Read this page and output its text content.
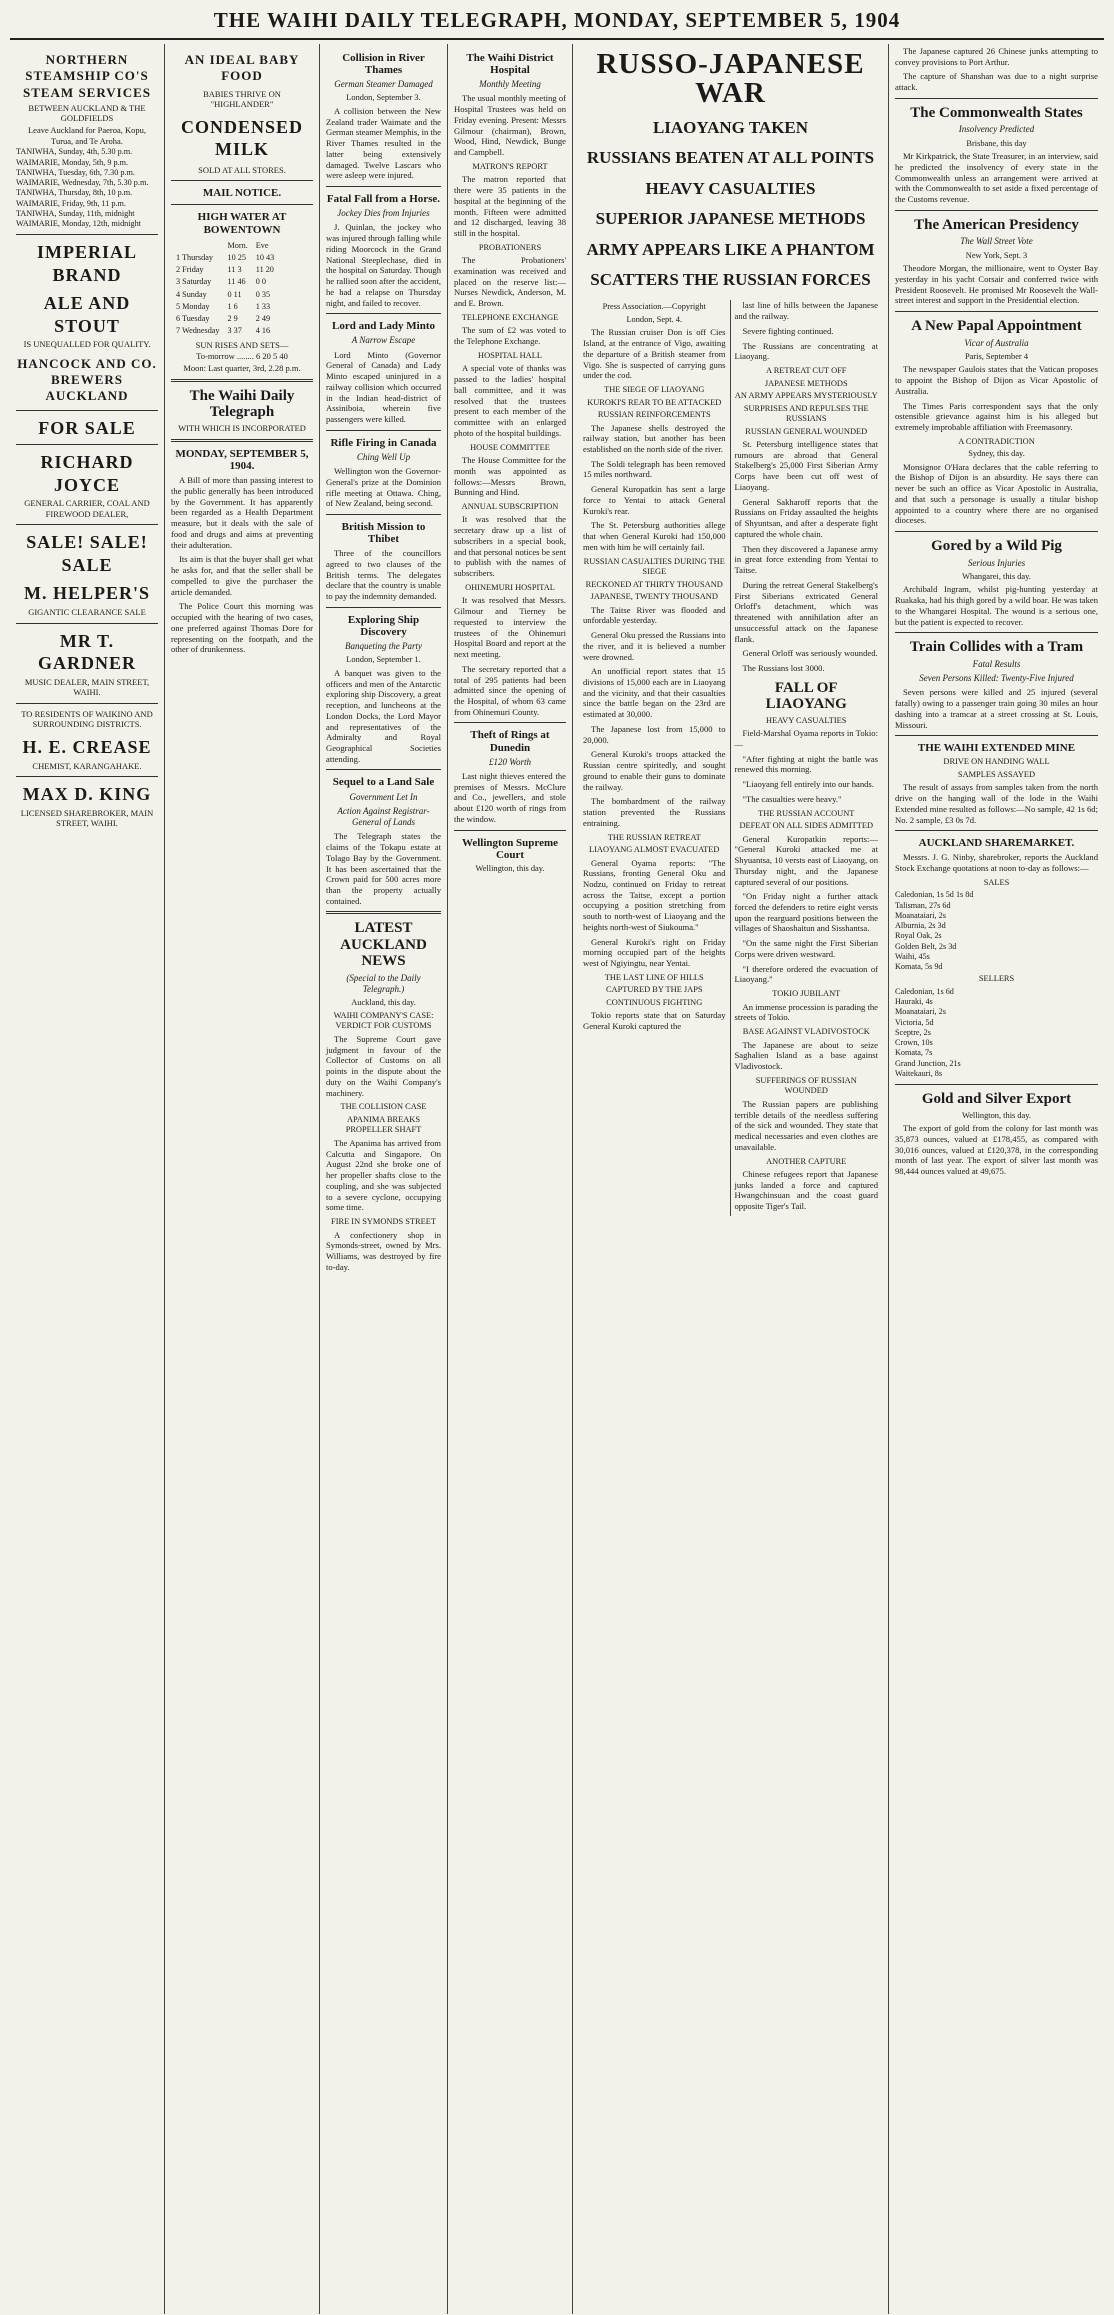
THE WAIHI DAILY TELEGRAPH, MONDAY, SEPTEMBER 5, 1904
NORTHERN STEAMSHIP CO'S STEAM SERVICES
BETWEEN AUCKLAND & THE GOLDFIELDS
Leave Auckland for Paeroa, Kopu, Turua, and Te Aroha.
TANIWHA, Sunday, 4th, 5.30 p.m.
WAIMARIE, Monday, 5th, 9 p.m.
TANIWHA, Tuesday, 6th, 7.30 p.m.
WAIMARIE, Wednesday, 7th, 5.30 p.m.
TANIWHA, Thursday, 8th, 10 p.m.
WAIMARIE, Friday, 9th, 11 p.m.
TANIWHA, Sunday, 11th, midnight
WAIMARIE, Monday, 12th, midnight
IMPERIAL BRAND
ALE AND STOUT
IS UNEQUALLED FOR QUALITY.
HANCOCK AND CO. BREWERS AUCKLAND
FOR SALE
RICHARD JOYCE
GENERAL CARRIER, COAL AND FIREWOOD DEALER,
SALE! SALE! SALE
M. HELPER'S
GIGANTIC CLEARANCE SALE

MR T. GARDNER
MUSIC DEALER, MAIN STREET, WAIHI.
TO RESIDENTS OF WAIKINO AND SURROUNDING DISTRICTS.
H. E. CREASE
CHEMIST, KARANGAHAKE.

MAX D. KING
LICENSED SHAREBROKER, MAIN STREET, WAIHI.

AN IDEAL BABY FOOD

BABIES THRIVE ON "HIGHLANDER"
CONDENSED MILK

SOLD AT ALL STORES.
MAIL NOTICE.

HIGH WATER AT BOWENTOWN
	Morn.	Eve
1 Thursday	10 25	10 43
2 Friday	11 3	11 20
3 Saturday	11 46	0 0
4 Sunday	0 11	0 35
5 Monday	1 6	1 33
6 Tuesday	2 9	2 49
7 Wednesday	3 37	4 16
SUN RISES AND SETS—
To-morrow ........ 6 20 5 40
Moon: Last quarter, 3rd, 2.28 p.m.
The Waihi Daily Telegraph
WITH WHICH IS INCORPORATED
MONDAY, SEPTEMBER 5, 1904.

A Bill of more than passing interest to the public generally has been introduced by the Government. It has apparently been regarded as a Health Department measure, but it deals with the sale of food and drugs and aims at preventing their adulteration.

Its aim is that the buyer shall get what he asks for, and that the seller shall be compelled to give the purchaser the article demanded.

The Police Court this morning was occupied with the hearing of two cases, one preferred against Thomas Dore for representing on the footpath, and the other of drunkenness.

Collision in River Thames
German Steamer Damaged
London, September 3.

A collision between the New Zealand trader Waimate and the German steamer Memphis, in the River Thames resulted in the latter being extensively damaged. Twelve Lascars who were asleep were injured.

Fatal Fall from a Horse.
Jockey Dies from Injuries

J. Quinlan, the jockey who was injured through falling while riding Moorcock in the Grand National Steeplechase, died in the hospital on Saturday. Though he rallied soon after the accident, he had a relapse on Thursday night, and failed to recover.

Lord and Lady Minto
A Narrow Escape

Lord Minto (Governor General of Canada) and Lady Minto escaped uninjured in a railway collision which occurred in the Indian head-district of Assiniboia, wherein five passengers were killed.

Rifle Firing in Canada
Ching Well Up

Wellington won the Governor-General's prize at the Dominion rifle meeting at Ottawa. Ching, of New Zealand, being second.

British Mission to Thibet

Three of the councillors agreed to two clauses of the British terms. The delegates declare that the country is unable to pay the indemnity demanded.

Exploring Ship Discovery
Banqueting the Party
London, September 1.

A banquet was given to the officers and men of the Antarctic exploring ship Discovery, a great reception, and luncheons at the London Docks, the Lord Mayor and representatives of the Admiralty and Royal Geographical Societies attending.

Sequel to a Land Sale
Government Let In
Action Against Registrar-General of Lands

The Telegraph states the claims of the Tokapu estate at Tolago Bay by the Government. It has been ascertained that the Crown paid for 500 acres more than the property actually contained.

LATEST AUCKLAND NEWS
(Special to the Daily Telegraph.)
Auckland, this day.
WAIHI COMPANY'S CASE: VERDICT FOR CUSTOMS

The Supreme Court gave judgment in favour of the Collector of Customs on all points in the dispute about the duty on the Waihi Company's machinery.

THE COLLISION CASE
APANIMA BREAKS PROPELLER SHAFT

The Apanima has arrived from Calcutta and Singapore. On August 22nd she broke one of her propeller shafts close to the coupling, and she was subjected to a severe cyclone, occupying some time.

FIRE IN SYMONDS STREET

A confectionery shop in Symonds-street, owned by Mrs. Williams, was destroyed by fire to-day.

The Waihi District Hospital
Monthly Meeting

The usual monthly meeting of Hospital Trustees was held on Friday evening. Present: Messrs Gilmour (chairman), Brown, Wood, Hind, Newdick, Bunge and Campbell.

MATRON'S REPORT

The matron reported that there were 35 patients in the hospital at the beginning of the month. Fifteen were admitted and 12 discharged, leaving 38 still in the hospital.

PROBATIONERS

The Probationers' examination was received and placed on the reserve list:—Nurses Newdick, Anderson, M. and E. Brown.

TELEPHONE EXCHANGE

The sum of £2 was voted to the Telephone Exchange.

HOSPITAL HALL

A special vote of thanks was passed to the ladies' hospital ball committee, and it was resolved that the trustees present to each member of the committee with an enlarged photo of the hospital buildings.

HOUSE COMMITTEE

The House Committee for the month was appointed as follows:—Messrs Brown, Bunning and Hind.

ANNUAL SUBSCRIPTION

It was resolved that the secretary draw up a list of subscribers in a special book, and that personal notices be sent to publish with the names of subscribers.

OHINEMURI HOSPITAL

It was resolved that Messrs. Gilmour and Tierney be requested to interview the trustees of the Ohinemuri Hospital Board and report at the next meeting.

The secretary reported that a total of 295 patients had been admitted since the opening of the Hospital, of whom 63 came from Ohinemuri County.

Theft of Rings at Dunedin
£120 Worth

Last night thieves entered the premises of Messrs. McClure and Co., jewellers, and stole about £120 worth of rings from the window.

Wellington Supreme Court
Wellington, this day.
RUSSO-JAPANESE WAR
LIAOYANG TAKEN
RUSSIANS BEATEN AT ALL POINTS
HEAVY CASUALTIES
SUPERIOR JAPANESE METHODS
ARMY APPEARS LIKE A PHANTOM
SCATTERS THE RUSSIAN FORCES
Press Association.—Copyright
London, Sept. 4.

The Russian cruiser Don is off Cies Island, at the entrance of Vigo, awaiting the departure of a British steamer from Vigo. She is suspected of carrying guns under the cod.

THE SIEGE OF LIAOYANG
KUROKI'S REAR TO BE ATTACKED
RUSSIAN REINFORCEMENTS

The Japanese shells destroyed the railway station, but another has been established on the north side of the river.

The Soldi telegraph has been removed 15 miles northward.

General Kuropatkin has sent a large force to Yentai to attack General Kuroki's rear.

The St. Petersburg authorities allege that when General Kuroki had 150,000 men with him he will certainly fail.

RUSSIAN CASUALTIES DURING THE SIEGE
RECKONED AT THIRTY THOUSAND
JAPANESE, TWENTY THOUSAND

The Taitse River was flooded and unfordable yesterday.

General Oku pressed the Russians into the river, and it is believed a number were drowned.

An unofficial report states that 15 divisions of 15,000 each are in Liaoyang and the vicinity, and that their casualties since the battle began on the 23rd are estimated at 30,000.

The Japanese lost from 15,000 to 20,000.

General Kuroki's troops attacked the Russian centre spiritedly, and sought ground to enable their guns to dominate the railway.

The bombardment of the railway station prevented the Russians entraining.

THE RUSSIAN RETREAT
LIAOYANG ALMOST EVACUATED

General Oyama reports: "The Russians, fronting General Oku and Nodzu, continued on Friday to retreat across the Taitse, except a portion occupying a position stretching from south to north-west of Liaoyang and the heights north-west of Siukouma."

General Kuroki's right on Friday morning occupied part of the heights west of Ngiyingtu, near Yentai.

THE LAST LINE OF HILLS
CAPTURED BY THE JAPS
CONTINUOUS FIGHTING

Tokio reports state that on Saturday General Kuroki captured the

last line of hills between the Japanese and the railway.

Severe fighting continued.

The Russians are concentrating at Liaoyang.

A RETREAT CUT OFF
JAPANESE METHODS
AN ARMY APPEARS MYSTERIOUSLY
SURPRISES AND REPULSES THE RUSSIANS
RUSSIAN GENERAL WOUNDED

St. Petersburg intelligence states that rumours are abroad that General Stakelberg's 25,000 First Siberian Army Corps have been cut off west of Liaoyang.

General Sakharoff reports that the Russians on Friday assaulted the heights of Shyuntsan, and after a desperate fight captured the whole chain.

Then they discovered a Japanese army in great force extending from Yentai to Taitse.

During the retreat General Stakelberg's First Siberians extricated General Orloff's detachment, which was threatened with annihilation after an unsuccessful attack on the Japanese flank.

General Orloff was seriously wounded.

The Russians lost 3000.

FALL OF LIAOYANG
HEAVY CASUALTIES

Field-Marshal Oyama reports in Tokio:—

"After fighting at night the battle was renewed this morning.

"Liaoyang fell entirely into our hands.

"The casualties were heavy."

THE RUSSIAN ACCOUNT
DEFEAT ON ALL SIDES ADMITTED

General Kuropatkin reports:— "General Kuroki attacked me at Shyuantsa, 10 versts east of Liaoyang, on Thursday night, and the Japanese captured several of our positions.

"On Friday night a further attack forced the defenders to retire eight versts upon the rearguard positions between the villages of Shaoshaitun and Sisshantsa.

"On the same night the First Siberian Corps were driven westward.

"I therefore ordered the evacuation of Liaoyang."

TOKIO JUBILANT

An immense procession is parading the streets of Tokio.

BASE AGAINST VLADIVOSTOCK

The Japanese are about to seize Saghalien Island as a base against Vladivostock.

SUFFERINGS OF RUSSIAN WOUNDED

The Russian papers are publishing terrible details of the needless suffering of the sick and wounded. They state that medical necessaries and even clothes are unavailable.

ANOTHER CAPTURE

Chinese refugees report that Japanese junks landed a force and captured Hwangchinsuan and the coast guard opposite Tiger's Tail.

The Japanese captured 26 Chinese junks attempting to convey provisions to Port Arthur.

The capture of Shanshan was due to a night surprise attack.

The Commonwealth States
Insolvency Predicted
Brisbane, this day

Mr Kirkpatrick, the State Treasurer, in an interview, said he predicted the insolvency of every state in the Commonwealth unless an arrangement were arrived at with the Commonwealth to set aside a fixed percentage of the Customs revenue.

The American Presidency
The Wall Street Vote
New York, Sept. 3

Theodore Morgan, the millionaire, went to Oyster Bay yesterday in his yacht Corsair and conferred twice with President Roosevelt. He promised Mr Roosevelt the Wall-street interest and support in the Presidential election.

A New Papal Appointment
Vicar of Australia
Paris, September 4

The newspaper Gaulois states that the Vatican proposes to appoint the Bishop of Dijon as Vicar Apostolic of Australia.

The Times Paris correspondent says that the only ostensible grievance against him is his alleged but extremely improbable affiliation with Freemasonry.

A CONTRADICTION
Sydney, this day.

Monsignor O'Hara declares that the cable referring to the Bishop of Dijon is an absurdity. He says there can never be such an office as Vicar Apostolic in Australia, and that such a personage is usually a titular bishop appointed to a country where there are no organised dioceses.

Gored by a Wild Pig
Serious Injuries
Whangarei, this day.

Archibald Ingram, whilst pig-hunting yesterday at Ruakaka, had his thigh gored by a wild boar. He was taken to the Whangarei Hospital. The wound is a serious one, but the patient is expected to recover.

Train Collides with a Tram
Fatal Results
Seven Persons Killed: Twenty-Five Injured

Seven persons were killed and 25 injured (several fatally) owing to a passenger train going 30 miles an hour dashing into a tramcar at a street crossing at St. Louis, Missouri.

THE WAIHI EXTENDED MINE
DRIVE ON HANDING WALL
SAMPLES ASSAYED

The result of assays from samples taken from the north drive on the hanging wall of the lode in the Waihi Extended mine resulted as follows:—No sample, 42 1s 6d; No. 2 sample, £3 0s 7d.

AUCKLAND SHAREMARKET.

Messrs. J. G. Ninby, sharebroker, reports the Auckland Stock Exchange quotations at noon to-day as follows:—

SALES
Caledonian, 1s 5d 1s 8d
Talisman, 27s 6d
Moanataiari, 2s
Alburnia, 2s 3d
Royal Oak, 2s
Golden Belt, 2s 3d
Waihi, 45s
Komata, 5s 9d
SELLERS
Caledonian, 1s 6d
Hauraki, 4s
Moanataiari, 2s
Victoria, 5d
Sceptre, 2s
Crown, 10s
Komata, 7s
Grand Junction, 21s
Waitekauri, 8s
Gold and Silver Export
Wellington, this day.

The export of gold from the colony for last month was 35,873 ounces, valued at £178,455, as compared with 30,016 ounces, valued at £120,378, in the corresponding month of last year. The export of silver last month was 98,444 ounces valued at 49,675.
